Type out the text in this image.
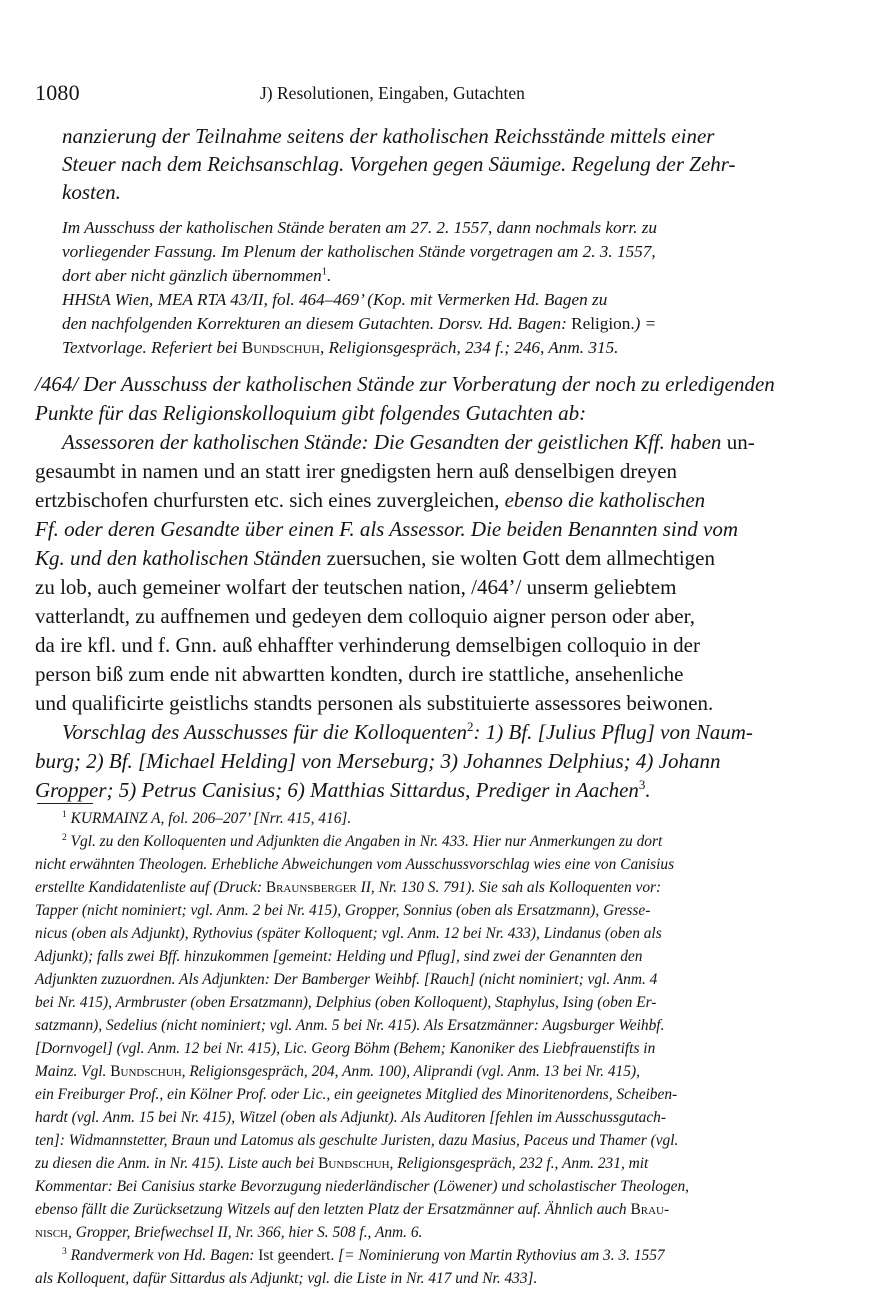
1080	J) Resolutionen, Eingaben, Gutachten
nanzierung der Teilnahme seitens der katholischen Reichsstände mittels einer
Steuer nach dem Reichsanschlag. Vorgehen gegen Säumige. Regelung der Zehr-
kosten.
Im Ausschuss der katholischen Stände beraten am 27. 2. 1557, dann nochmals korr. zu
vorliegender Fassung. Im Plenum der katholischen Stände vorgetragen am 2. 3. 1557,
dort aber nicht gänzlich übernommen$^1$.
HHStA Wien, MEA RTA 43/II, fol. 464–469’ (Kop. mit Vermerken Hd. Bagen zu
den nachfolgenden Korrekturen an diesem Gutachten. Dorsv. Hd. Bagen: Religion.) =
Textvorlage. Referiert bei Bundschuh, Religionsgespräch, 234 f.; 246, Anm. 315.
/464/ Der Ausschuss der katholischen Stände zur Vorberatung der noch zu erledigenden
Punkte für das Religionskolloquium gibt folgendes Gutachten ab:
Assessoren der katholischen Stände: Die Gesandten der geistlichen Kff. haben un-
gesaumbt in namen und an statt irer gnedigsten hern auß denselbigen dreyen
ertzbischofen churfursten etc. sich eines zuvergleichen, ebenso die katholischen
Ff. oder deren Gesandte über einen F. als Assessor. Die beiden Benannten sind vom
Kg. und den katholischen Ständen zuersuchen, sie wolten Gott dem allmechtigen
zu lob, auch gemeiner wolfart der teutschen nation, /464’/ unserm geliebtem
vatterlandt, zu auffnemen und gedeyen dem colloquio aigner person oder aber,
da ire kfl. und f. Gnn. auß ehhaffter verhinderung demselbigen colloquio in der
person biß zum ende nit abwartten kondten, durch ire stattliche, ansehenliche
und qualificirte geistlichs standts personen als substituierte assessores beiwonen.
Vorschlag des Ausschusses für die Kolloquenten$^2$: 1) Bf. [Julius Pflug] von Naum-
burg; 2) Bf. [Michael Helding] von Merseburg; 3) Johannes Delphius; 4) Johann
Gropper; 5) Petrus Canisius; 6) Matthias Sittardus, Prediger in Aachen$^3$.
$^1$ KURMAINZ A, fol. 206–207’ [Nrr. 415, 416].
$^2$ Vgl. zu den Kolloquenten und Adjunkten die Angaben in Nr. 433. Hier nur Anmerkungen zu dort
nicht erwähnten Theologen. Erhebliche Abweichungen vom Ausschussvorschlag wies eine von Canisius
erstellte Kandidatenliste auf (Druck: Braunsberger II, Nr. 130 S. 791). Sie sah als Kolloquenten vor:
Tapper (nicht nominiert; vgl. Anm. 2 bei Nr. 415), Gropper, Sonnius (oben als Ersatzmann), Gresse-
nicus (oben als Adjunkt), Rythovius (später Kolloquent; vgl. Anm. 12 bei Nr. 433), Lindanus (oben als
Adjunkt); falls zwei Bff. hinzukommen [gemeint: Helding und Pflug], sind zwei der Genannten den
Adjunkten zuzuordnen. Als Adjunkten: Der Bamberger Weihbf. [Rauch] (nicht nominiert; vgl. Anm. 4
bei Nr. 415), Armbruster (oben Ersatzmann), Delphius (oben Kolloquent), Staphylus, Ising (oben Er-
satzmann), Sedelius (nicht nominiert; vgl. Anm. 5 bei Nr. 415). Als Ersatzmänner: Augsburger Weihbf.
[Dornvogel] (vgl. Anm. 12 bei Nr. 415), Lic. Georg Böhm (Behem; Kanoniker des Liebfrauenstifts in
Mainz. Vgl. Bundschuh, Religionsgespräch, 204, Anm. 100), Aliprandi (vgl. Anm. 13 bei Nr. 415),
ein Freiburger Prof., ein Kölner Prof. oder Lic., ein geeignetes Mitglied des Minoritenordens, Scheiben-
hardt (vgl. Anm. 15 bei Nr. 415), Witzel (oben als Adjunkt). Als Auditoren [fehlen im Ausschussgutach-
ten]: Widmannstetter, Braun und Latomus als geschulte Juristen, dazu Masius, Paceus und Thamer (vgl.
zu diesen die Anm. in Nr. 415). Liste auch bei Bundschuh, Religionsgespräch, 232 f., Anm. 231, mit
Kommentar: Bei Canisius starke Bevorzugung niederländischer (Löwener) und scholastischer Theologen,
ebenso fällt die Zurücksetzung Witzels auf den letzten Platz der Ersatzmänner auf. Ähnlich auch Brau-
nisch, Gropper, Briefwechsel II, Nr. 366, hier S. 508 f., Anm. 6.
$^3$ Randvermerk von Hd. Bagen: Ist geendert. [= Nominierung von Martin Rythovius am 3. 3. 1557
als Kolloquent, dafür Sittardus als Adjunkt; vgl. die Liste in Nr. 417 und Nr. 433].
